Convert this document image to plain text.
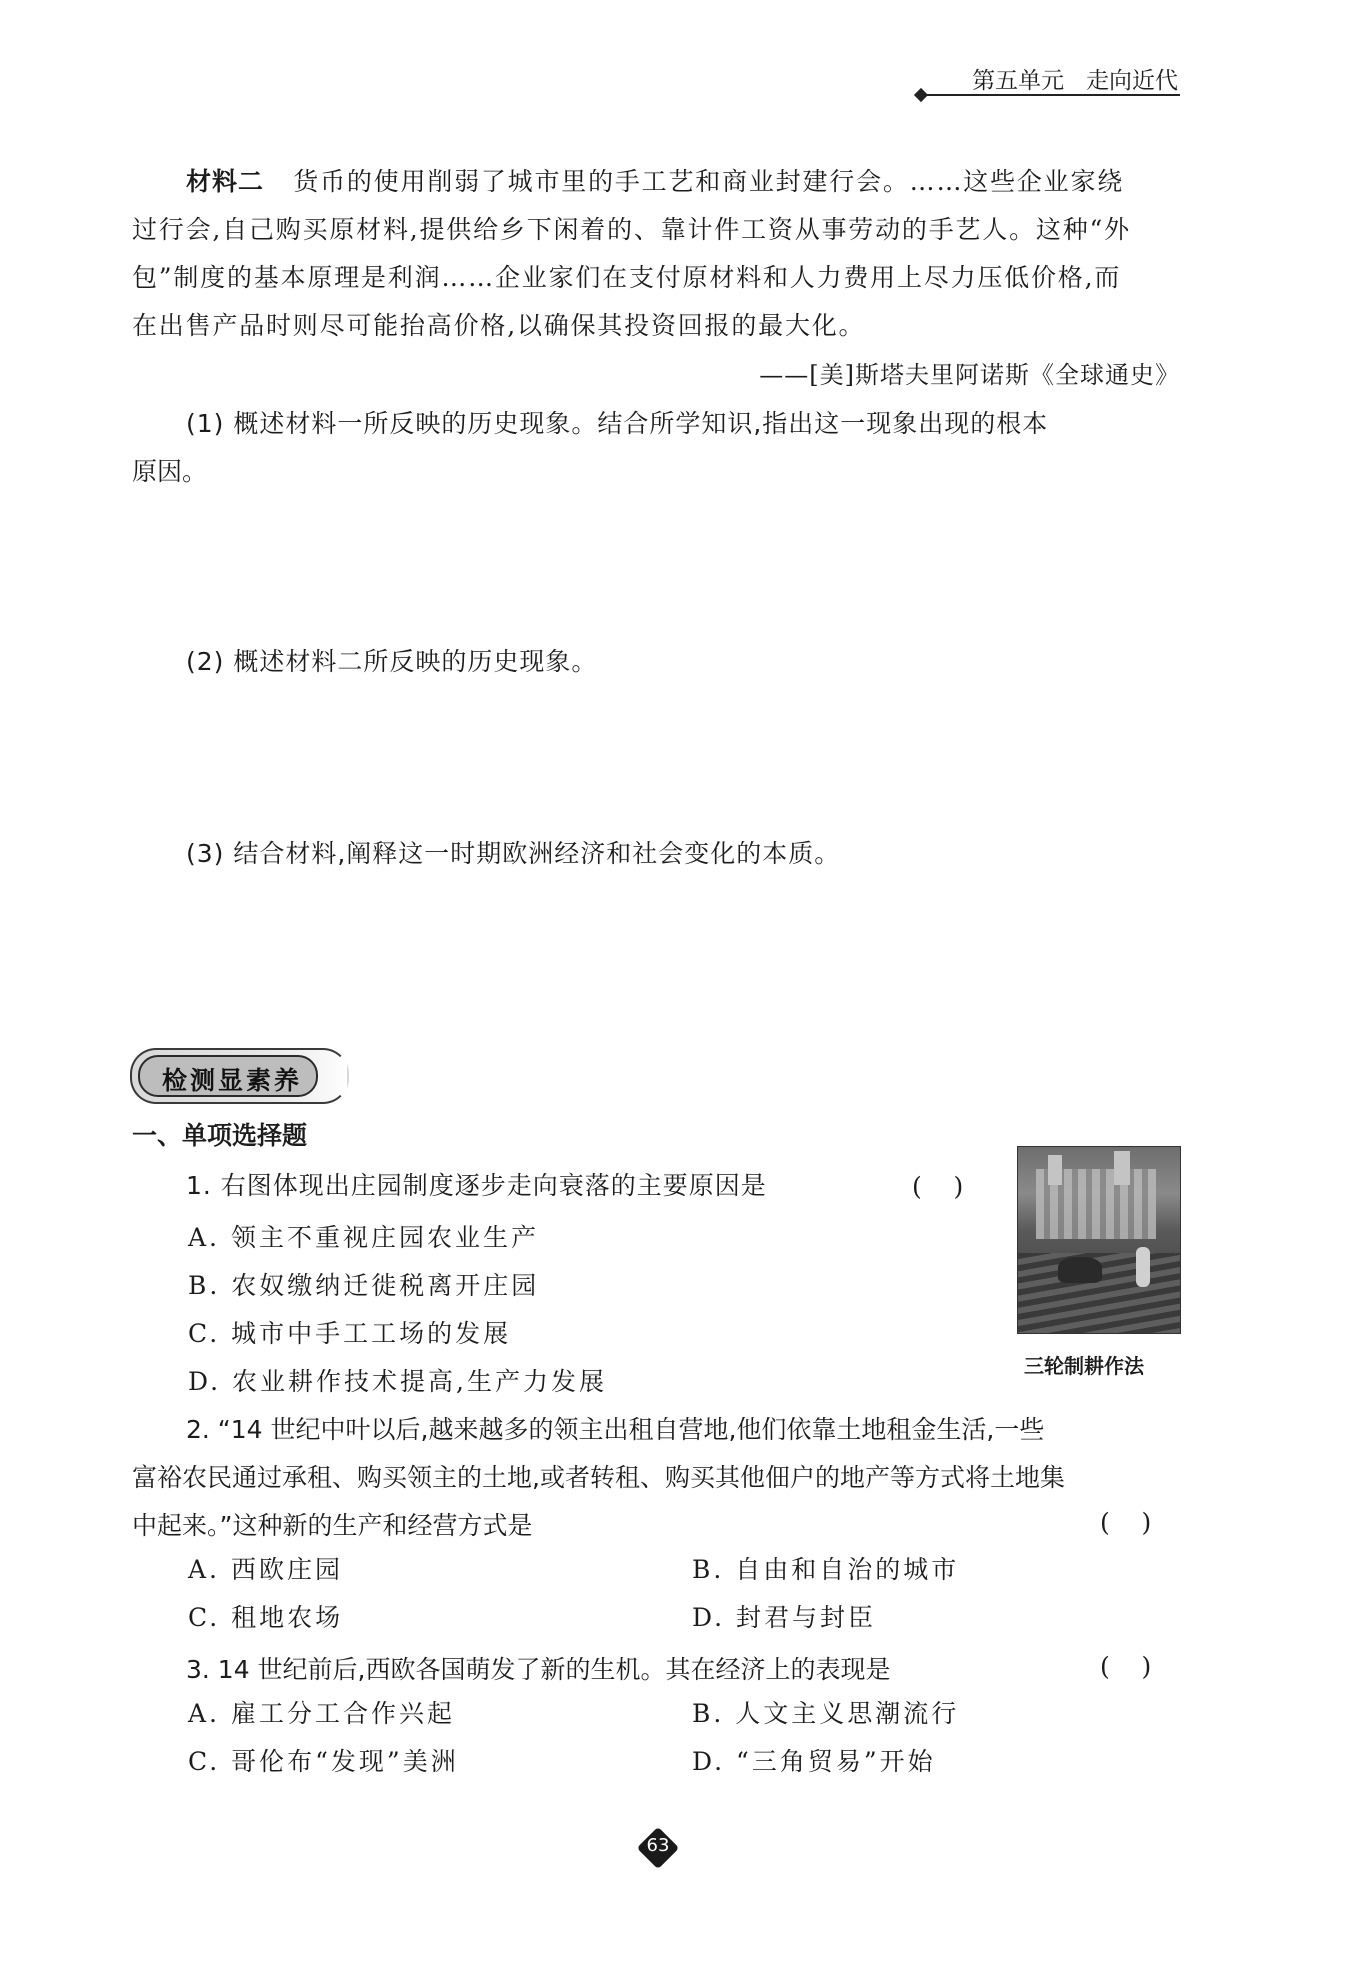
第五单元 走向近代
材料二 货币的使用削弱了城市里的手工艺和商业封建行会。……这些企业家绕
过行会,自己购买原材料,提供给乡下闲着的、靠计件工资从事劳动的手艺人。这种“外
包”制度的基本原理是利润……企业家们在支付原材料和人力费用上尽力压低价格,而
在出售产品时则尽可能抬高价格,以确保其投资回报的最大化。
——[美]斯塔夫里阿诺斯《全球通史》
(1) 概述材料一所反映的历史现象。结合所学知识,指出这一现象出现的根本
原因。
(2) 概述材料二所反映的历史现象。
(3) 结合材料,阐释这一时期欧洲经济和社会变化的本质。
检测显素养
一、单项选择题
1. 右图体现出庄园制度逐步走向衰落的主要原因是	(    )
A. 领主不重视庄园农业生产
B. 农奴缴纳迁徙税离开庄园
C. 城市中手工工场的发展
D. 农业耕作技术提高,生产力发展
三轮制耕作法
2. “14 世纪中叶以后,越来越多的领主出租自营地,他们依靠土地租金生活,一些
富裕农民通过承租、购买领主的土地,或者转租、购买其他佃户的地产等方式将土地集
中起来。”这种新的生产和经营方式是	(    )
A. 西欧庄园	B. 自由和自治的城市
C. 租地农场	D. 封君与封臣
3. 14 世纪前后,西欧各国萌发了新的生机。其在经济上的表现是	(    )
A. 雇工分工合作兴起	B. 人文主义思潮流行
C. 哥伦布“发现”美洲	D. “三角贸易”开始
63
